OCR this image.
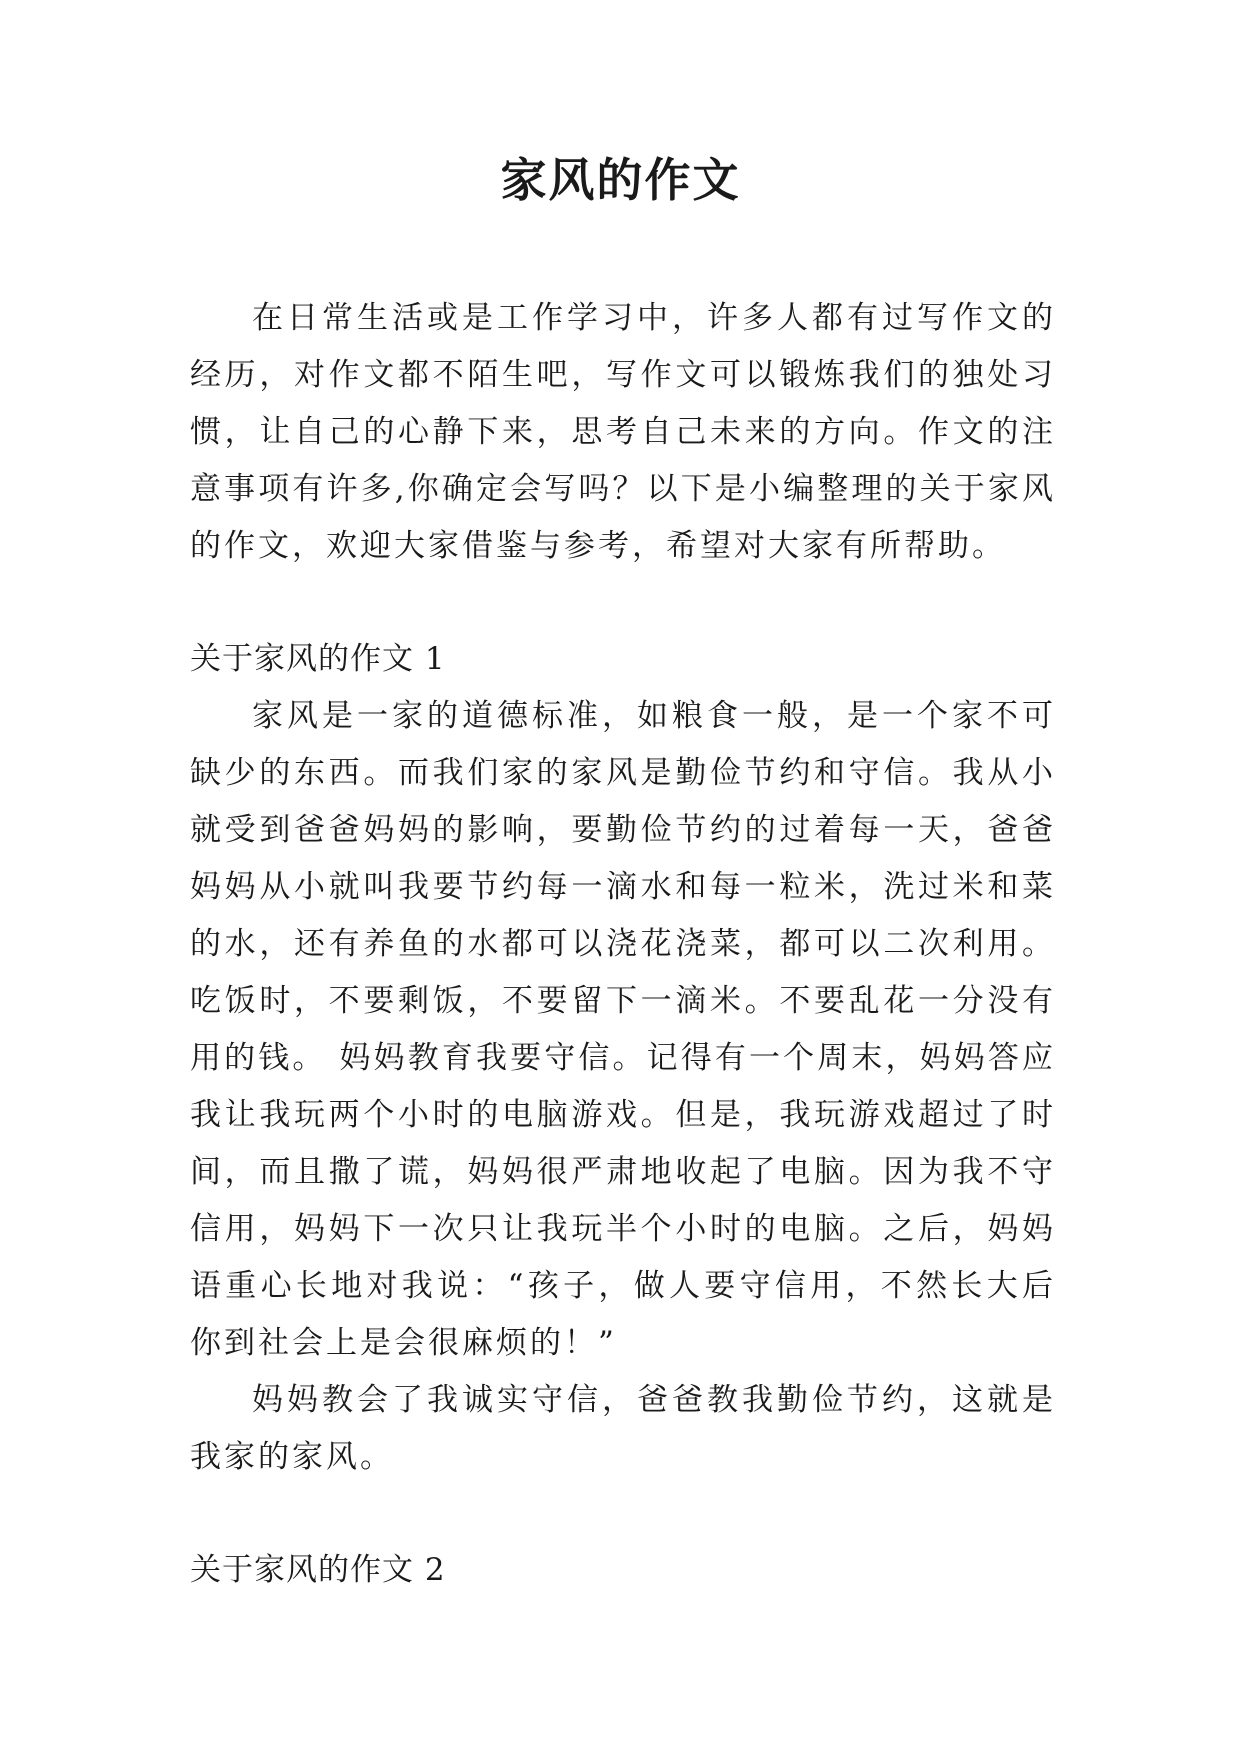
家风的作文

在日常生活或是工作学习中，许多人都有过写作文的经历，对作文都不陌生吧，写作文可以锻炼我们的独处习惯，让自己的心静下来，思考自己未来的方向。作文的注意事项有许多,你确定会写吗？以下是小编整理的关于家风的作文，欢迎大家借鉴与参考，希望对大家有所帮助。

关于家风的作文 1

家风是一家的道德标准，如粮食一般，是一个家不可缺少的东西。而我们家的家风是勤俭节约和守信。我从小就受到爸爸妈妈的影响，要勤俭节约的过着每一天，爸爸妈妈从小就叫我要节约每一滴水和每一粒米，洗过米和菜的水，还有养鱼的水都可以浇花浇菜，都可以二次利用。吃饭时，不要剩饭，不要留下一滴米。不要乱花一分没有用的钱。 妈妈教育我要守信。记得有一个周末，妈妈答应我让我玩两个小时的电脑游戏。但是，我玩游戏超过了时间，而且撒了谎，妈妈很严肃地收起了电脑。因为我不守信用，妈妈下一次只让我玩半个小时的电脑。之后，妈妈语重心长地对我说：“孩子，做人要守信用，不然长大后你到社会上是会很麻烦的！”

妈妈教会了我诚实守信，爸爸教我勤俭节约，这就是我家的家风。

关于家风的作文 2
